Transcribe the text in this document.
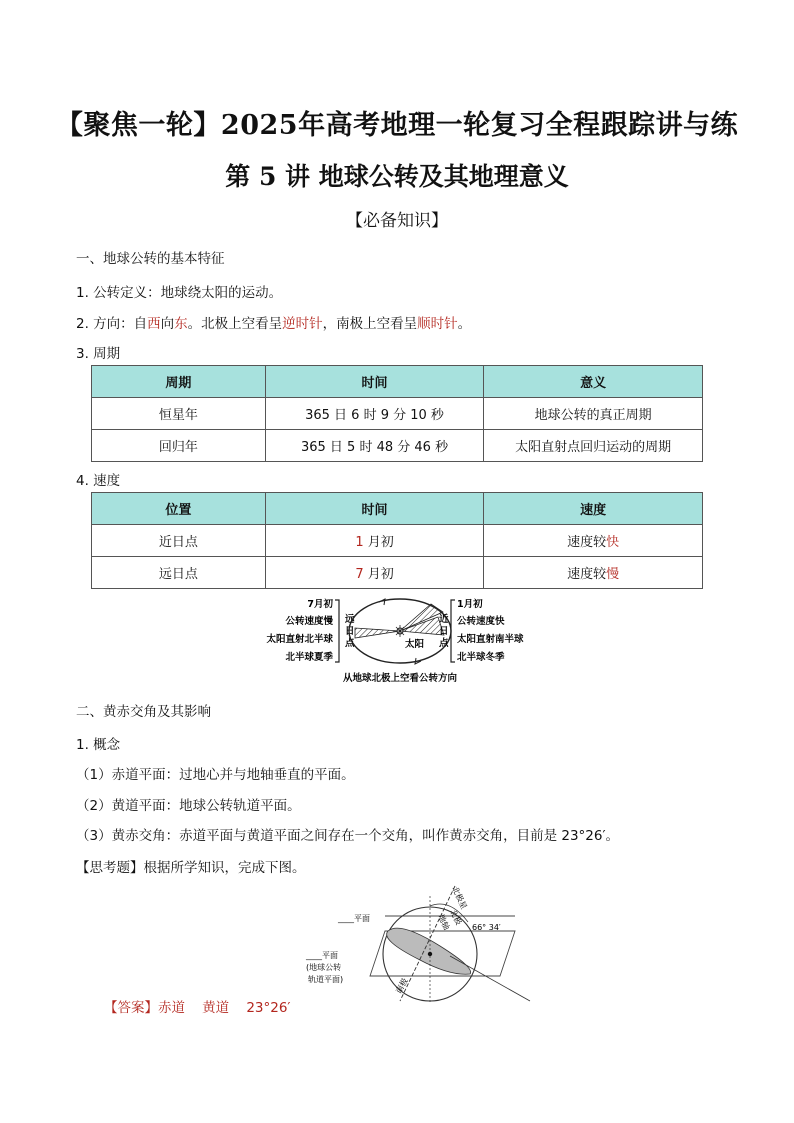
【聚焦一轮】2025年高考地理一轮复习全程跟踪讲与练
第 5 讲 地球公转及其地理意义
【必备知识】
一、地球公转的基本特征
1. 公转定义：地球绕太阳的运动。
2. 方向：自西向东。北极上空看呈逆时针，南极上空看呈顺时针。
3. 周期
周期	时间	意义
恒星年	365 日 6 时 9 分 10 秒	地球公转的真正周期
回归年	365 日 5 时 48 分 46 秒	太阳直射点回归运动的周期
4. 速度
位置	时间	速度
近日点	1 月初	速度较快
远日点	7 月初	速度较慢
7月初
公转速度慢
太阳直射北半球
北半球夏季
远
日
点	太阳
近
日
点
1月初
公转速度快
太阳直射南半球
北半球冬季
从地球北极上空看公转方向
二、黄赤交角及其影响
1. 概念
（1）赤道平面：过地心并与地轴垂直的平面。
（2）黄道平面：地球公转轨道平面。
（3）黄赤交角：赤道平面与黄道平面之间存在一个交角，叫作黄赤交角，目前是 23°26′。
【思考题】根据所学知识，完成下图。
北极星
北极
地轴	66° 34′
____平面
____平面
(地球公转
轨道平面)	南极
【答案】赤道    黄道    23°26′
